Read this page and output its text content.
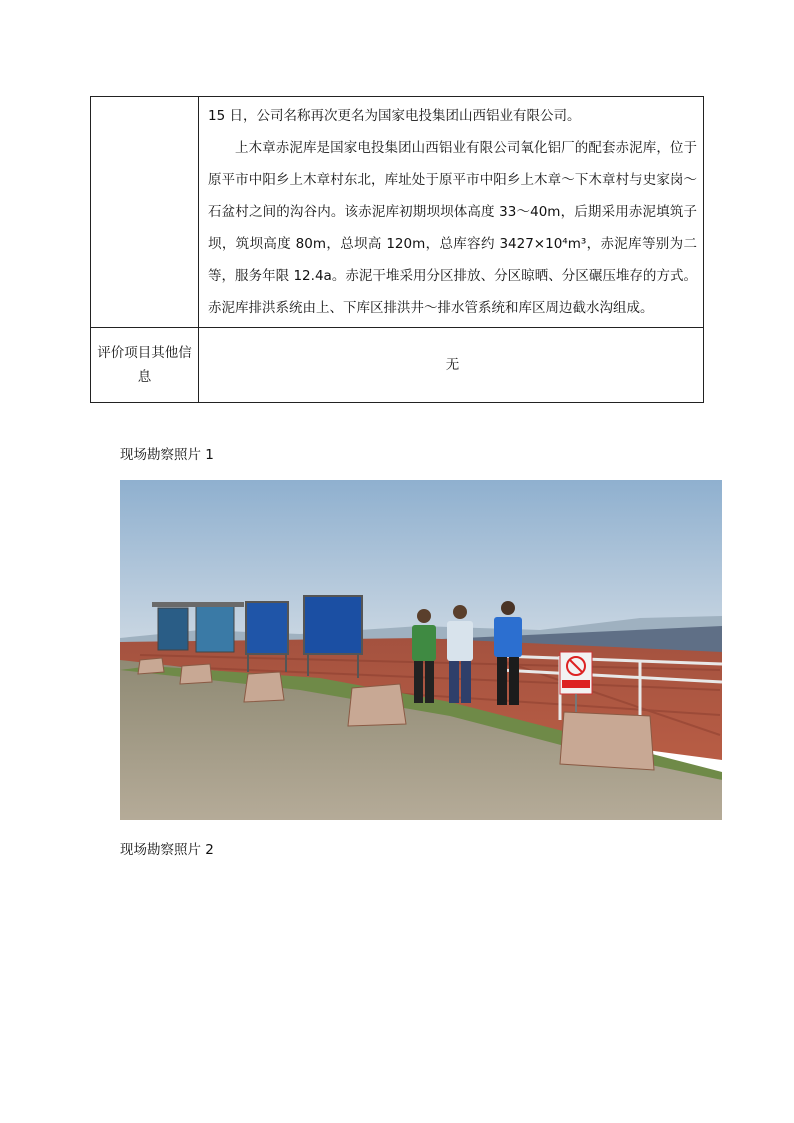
	15 日，公司名称再次更名为国家电投集团山西铝业有限公司。

上木章赤泥库是国家电投集团山西铝业有限公司氧化铝厂的配套赤泥库，位于原平市中阳乡上木章村东北，库址处于原平市中阳乡上木章～下木章村与史家岗～石盆村之间的沟谷内。该赤泥库初期坝坝体高度 33～40m，后期采用赤泥填筑子坝，筑坝高度 80m，总坝高 120m，总库容约 3427×10⁴m³，赤泥库等别为二等，服务年限 12.4a。赤泥干堆采用分区排放、分区晾晒、分区碾压堆存的方式。赤泥库排洪系统由上、下库区排洪井～排水管系统和库区周边截水沟组成。

评价项目其他信息	无
现场勘察照片 1
现场勘察照片 2
